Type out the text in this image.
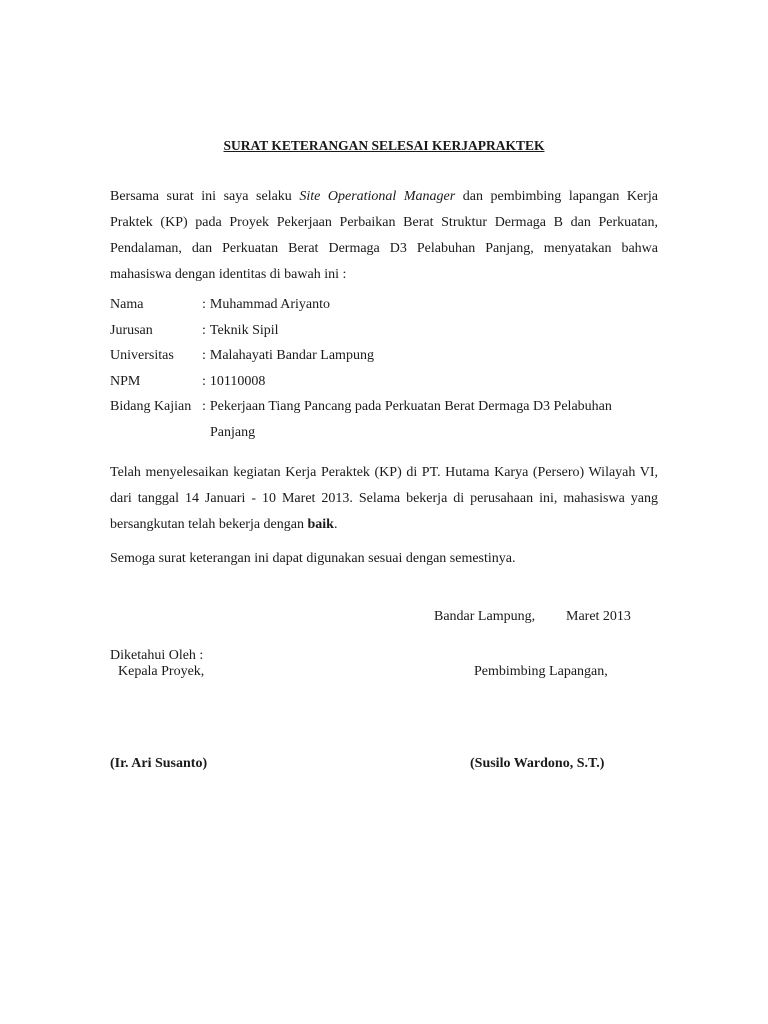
SURAT KETERANGAN SELESAI KERJAPRAKTEK

Bersama surat ini saya selaku Site Operational Manager dan pembimbing lapangan Kerja Praktek (KP) pada Proyek Pekerjaan Perbaikan Berat Struktur Dermaga B dan Perkuatan, Pendalaman, dan Perkuatan Berat Dermaga D3 Pelabuhan Panjang, menyatakan bahwa mahasiswa dengan identitas di bawah ini :

Nama	: Muhammad Ariyanto
Jurusan	: Teknik Sipil
Universitas	: Malahayati Bandar Lampung
NPM	: 10110008
Bidang Kajian : Pekerjaan Tiang Pancang pada Perkuatan Berat Dermaga D3 Pelabuhan
Panjang

Telah menyelesaikan kegiatan Kerja Peraktek (KP) di PT. Hutama Karya (Persero) Wilayah VI, dari tanggal 14 Januari - 10 Maret 2013. Selama bekerja di perusahaan ini, mahasiswa yang bersangkutan telah bekerja dengan baik.

Semoga surat keterangan ini dapat digunakan sesuai dengan semestinya.
Bandar Lampung, Maret 2013
Diketahui Oleh :
Kepala Proyek,	Pembimbing Lapangan,
(Ir. Ari Susanto)	(Susilo Wardono, S.T.)
